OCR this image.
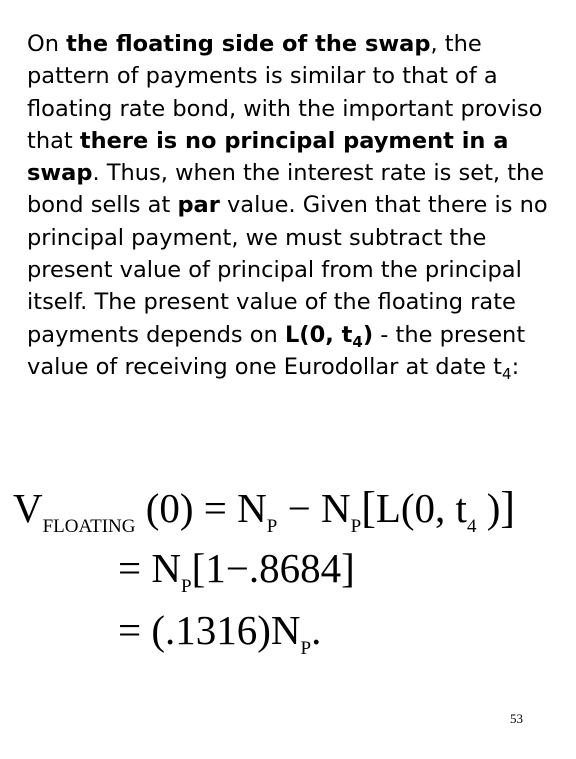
On the floating side of the swap, the pattern of payments is similar to that of a floating rate bond, with the important proviso that there is no principal payment in a swap. Thus, when the interest rate is set, the bond sells at par value. Given that there is no principal payment, we must subtract the present value of principal from the principal itself. The present value of the floating rate payments depends on L(0, $t_4$) - the present value of receiving one Eurodollar at date $t_4$:

$V_{FLOATING}$ $(0) = N_P - N_P[L(0$, $t_4$ )]
= $N_P[1-.8684]$
= $(.1316)N_P$.
53
